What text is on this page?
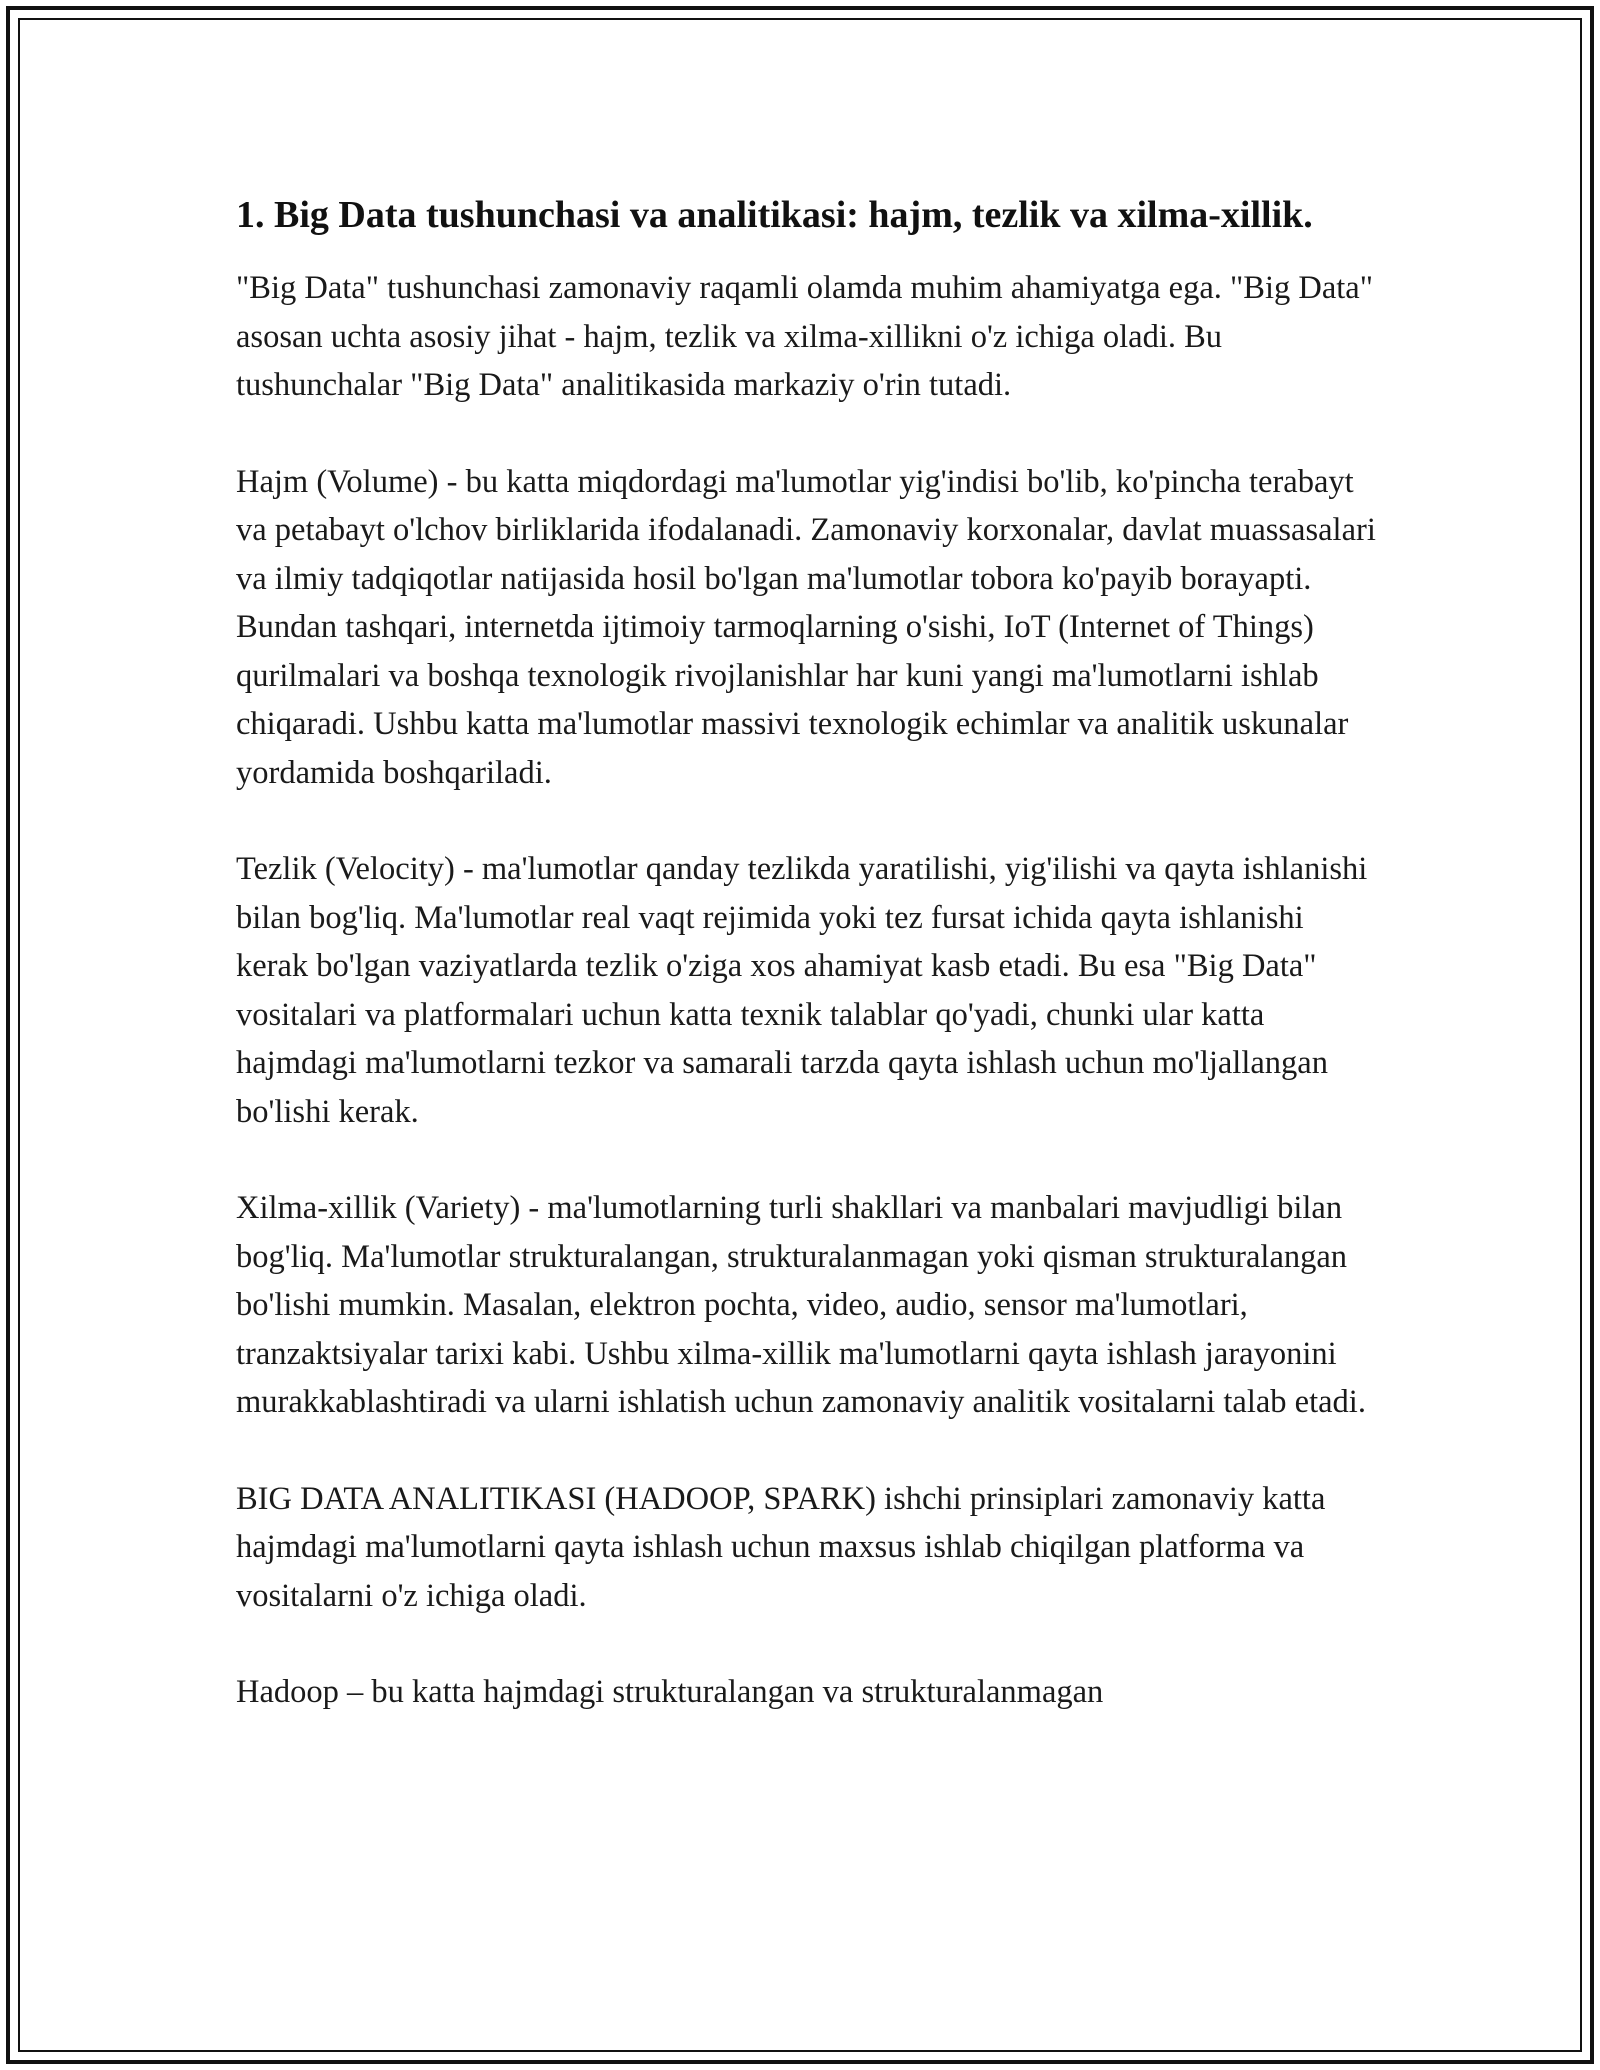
1. Big Data tushunchasi va analitikasi: hajm, tezlik va xilma-xillik.

"Big Data" tushunchasi zamonaviy raqamli olamda muhim ahamiyatga ega. "Big Data" asosan uchta asosiy jihat - hajm, tezlik va xilma-xillikni o'z ichiga oladi. Bu tushunchalar "Big Data" analitikasida markaziy o'rin tutadi.

Hajm (Volume) - bu katta miqdordagi ma'lumotlar yig'indisi bo'lib, ko'pincha terabayt va petabayt o'lchov birliklarida ifodalanadi. Zamonaviy korxonalar, davlat muassasalari va ilmiy tadqiqotlar natijasida hosil bo'lgan ma'lumotlar tobora ko'payib borayapti. Bundan tashqari, internetda ijtimoiy tarmoqlarning o'sishi, IoT (Internet of Things) qurilmalari va boshqa texnologik rivojlanishlar har kuni yangi ma'lumotlarni ishlab chiqaradi. Ushbu katta ma'lumotlar massivi texnologik echimlar va analitik uskunalar yordamida boshqariladi.

Tezlik (Velocity) - ma'lumotlar qanday tezlikda yaratilishi, yig'ilishi va qayta ishlanishi bilan bog'liq. Ma'lumotlar real vaqt rejimida yoki tez fursat ichida qayta ishlanishi kerak bo'lgan vaziyatlarda tezlik o'ziga xos ahamiyat kasb etadi. Bu esa "Big Data" vositalari va platformalari uchun katta texnik talablar qo'yadi, chunki ular katta hajmdagi ma'lumotlarni tezkor va samarali tarzda qayta ishlash uchun mo'ljallangan bo'lishi kerak.

Xilma-xillik (Variety) - ma'lumotlarning turli shakllari va manbalari mavjudligi bilan bog'liq. Ma'lumotlar strukturalangan, strukturalanmagan yoki qisman strukturalangan bo'lishi mumkin. Masalan, elektron pochta, video, audio, sensor ma'lumotlari, tranzaktsiyalar tarixi kabi. Ushbu xilma-xillik ma'lumotlarni qayta ishlash jarayonini murakkablashtiradi va ularni ishlatish uchun zamonaviy analitik vositalarni talab etadi.

BIG DATA ANALITIKASI (HADOOP, SPARK) ishchi prinsiplari zamonaviy katta hajmdagi ma'lumotlarni qayta ishlash uchun maxsus ishlab chiqilgan platforma va vositalarni o'z ichiga oladi.

Hadoop – bu katta hajmdagi strukturalangan va strukturalanmagan
